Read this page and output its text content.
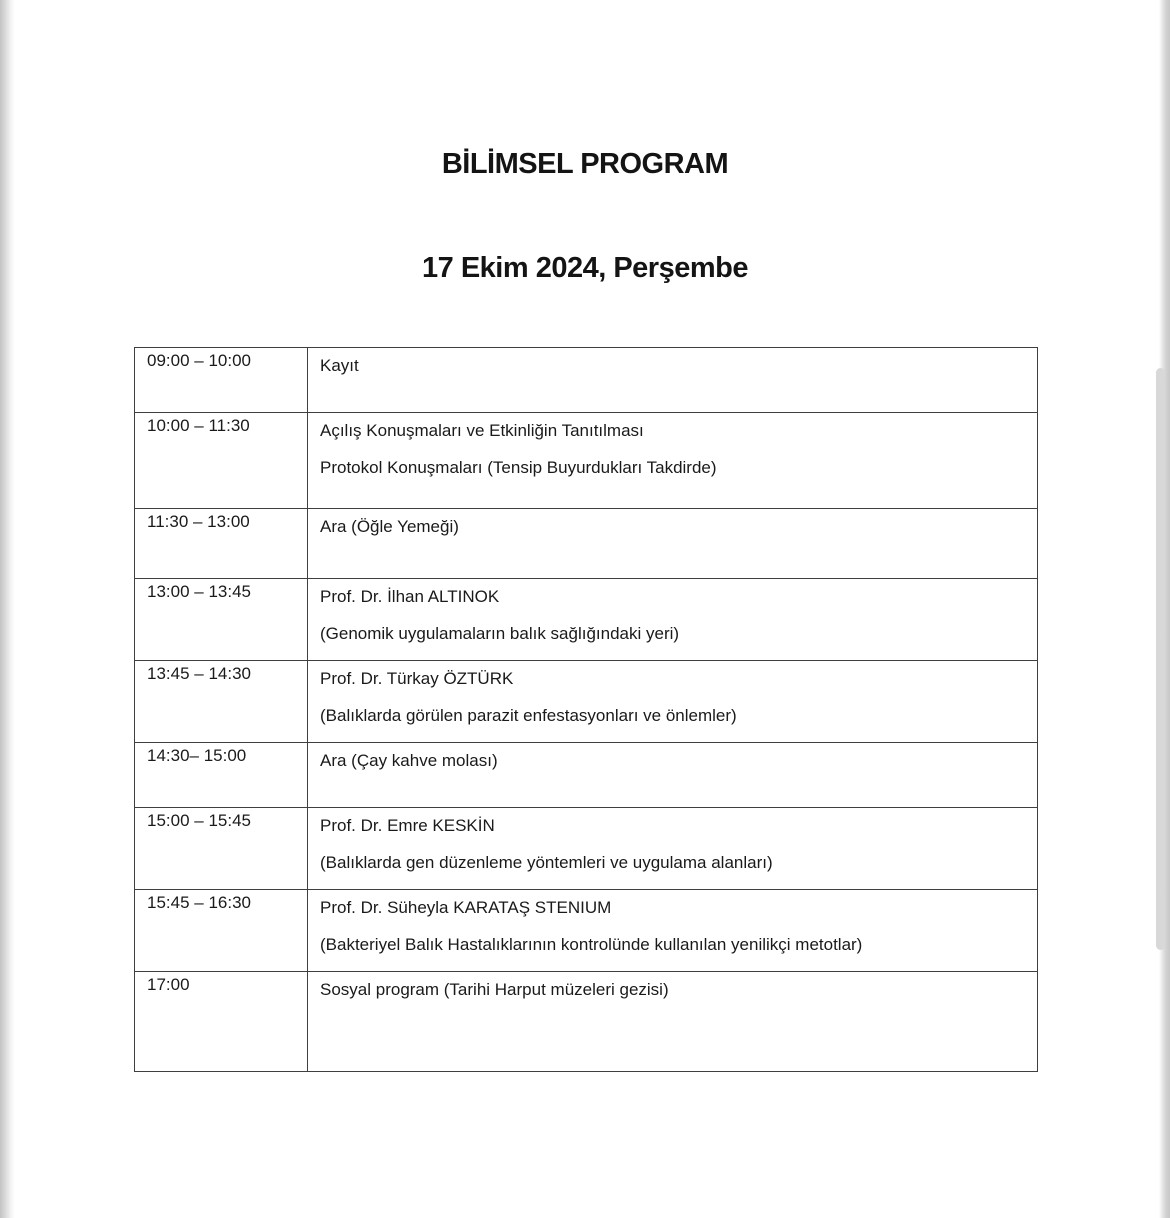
BİLİMSEL PROGRAM
17 Ekim 2024, Perşembe
09:00 – 10:00	Kayıt

10:00 – 11:30	Açılış Konuşmaları ve Etkinliğin Tanıtılması
Protokol Konuşmaları (Tensip Buyurdukları Takdirde)

11:30 – 13:00	Ara (Öğle Yemeği)

13:00 – 13:45	Prof. Dr. İlhan ALTINOK
(Genomik uygulamaların balık sağlığındaki yeri)

13:45 – 14:30	Prof. Dr. Türkay ÖZTÜRK
(Balıklarda görülen parazit enfestasyonları ve önlemler)

14:30– 15:00	Ara (Çay kahve molası)

15:00 – 15:45	Prof. Dr. Emre KESKİN
(Balıklarda gen düzenleme yöntemleri ve uygulama alanları)

15:45 – 16:30	Prof. Dr. Süheyla KARATAŞ STENIUM
(Bakteriyel Balık Hastalıklarının kontrolünde kullanılan yenilikçi metotlar)

17:00	Sosyal program (Tarihi Harput müzeleri gezisi)
